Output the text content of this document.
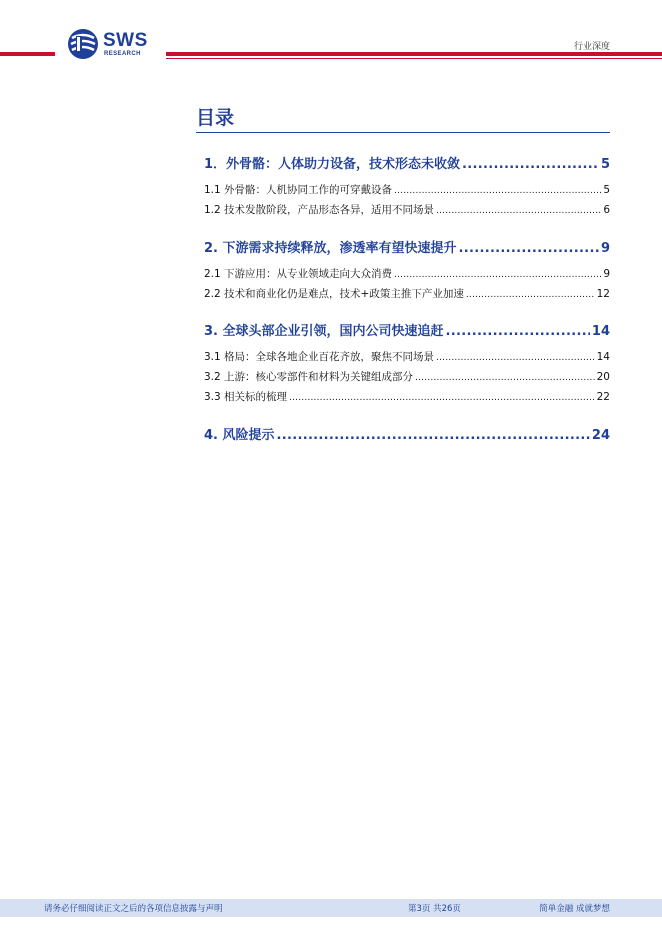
SWS
RESEARCH
行业深度
目录
1．外骨骼：人体助力设备，技术形态未收敛 .....	5
1.1 外骨骼：人机协同工作的可穿戴设备 .....	5
1.2 技术发散阶段，产品形态各异，适用不同场景 .....	6
2. 下游需求持续释放，渗透率有望快速提升 .....	9
2.1 下游应用：从专业领域走向大众消费 .....	9
2.2 技术和商业化仍是难点，技术+政策主推下产业加速 .....	12
3. 全球头部企业引领，国内公司快速追赶 .....	14
3.1 格局：全球各地企业百花齐放，聚焦不同场景 .....	14
3.2 上游：核心零部件和材料为关键组成部分 .....	20
3.3 相关标的梳理 .....	22
4. 风险提示 .....	24
请务必仔细阅读正文之后的各项信息披露与声明	第3页 共26页	简单金融 成就梦想
